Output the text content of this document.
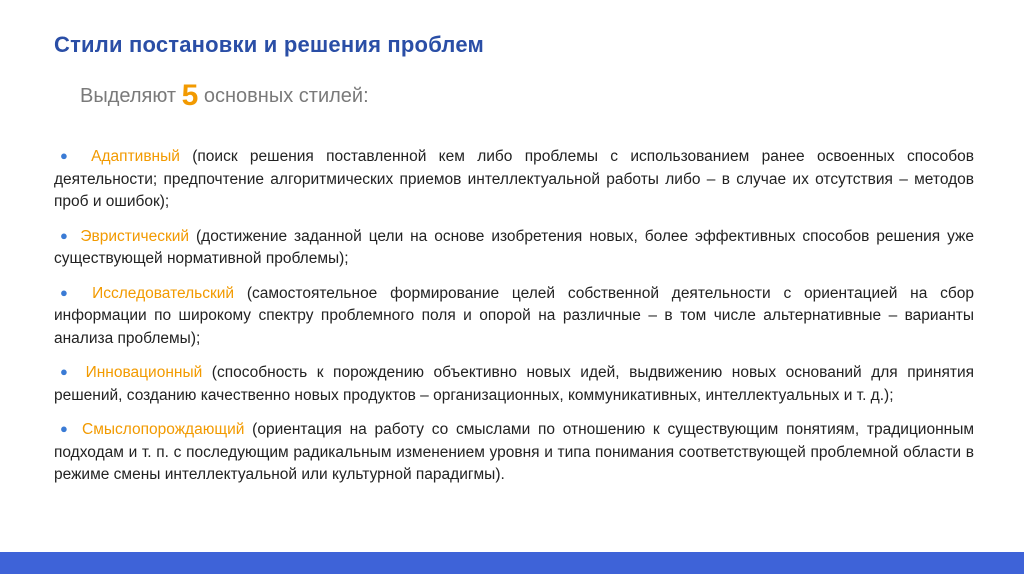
Стили постановки и решения проблем
Выделяют 5 основных стилей:
● Адаптивный (поиск решения поставленной кем либо проблемы с использованием ранее освоенных способов деятельности; предпочтение алгоритмических приемов интеллектуальной работы либо – в случае их отсутствия – методов проб и ошибок);
● Эвристический (достижение заданной цели на основе изобретения новых, более эффективных способов решения уже существующей нормативной проблемы);
● Исследовательский (самостоятельное формирование целей собственной деятельности с ориентацией на сбор информации по широкому спектру проблемного поля и опорой на различные – в том числе альтернативные – варианты анализа проблемы);
● Инновационный (способность к порождению объективно новых идей, выдвижению новых оснований для принятия решений, созданию качественно новых продуктов – организационных, коммуникативных, интеллектуальных и т. д.);
● Смыслопорождающий (ориентация на работу со смыслами по отношению к существующим понятиям, традиционным подходам и т. п. с последующим радикальным изменением уровня и типа понимания соответствующей проблемной области в режиме смены интеллектуальной или культурной парадигмы).
